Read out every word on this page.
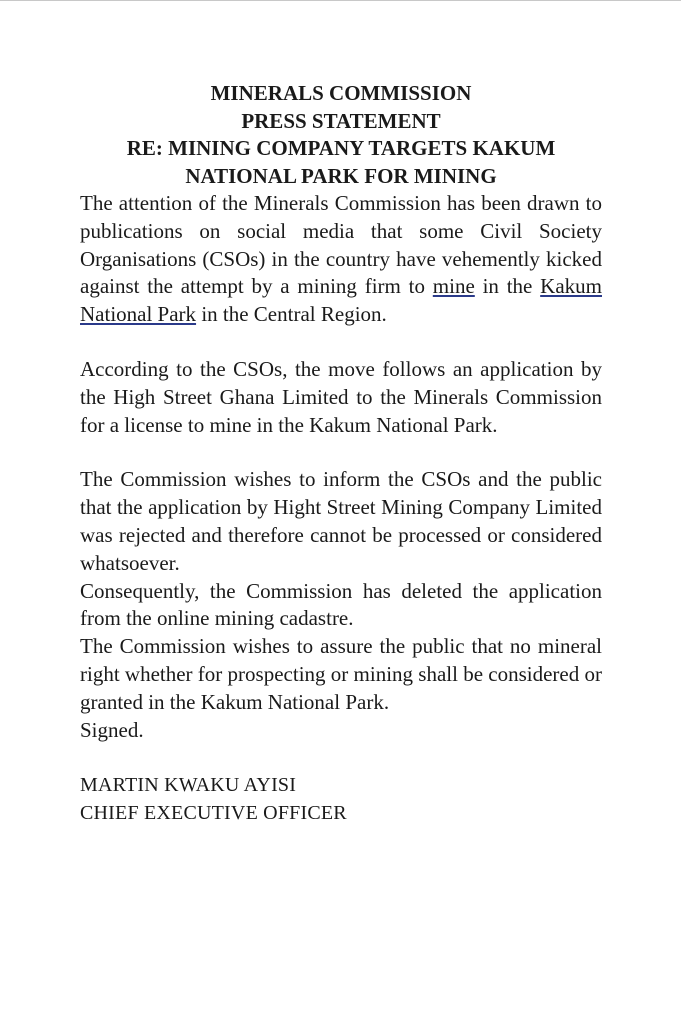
MINERALS COMMISSION

PRESS STATEMENT

RE: MINING COMPANY TARGETS KAKUM

NATIONAL PARK FOR MINING

The attention of the Minerals Commission has been drawn to publications on social media that some Civil Society Organisations (CSOs) in the country have vehemently kicked against the attempt by a mining firm to mine in the Kakum National Park in the Central Region.

According to the CSOs, the move follows an application by the High Street Ghana Limited to the Minerals Commission for a license to mine in the Kakum National Park.

The Commission wishes to inform the CSOs and the public that the application by Hight Street Mining Company Limited was rejected and therefore cannot be processed or considered whatsoever.

Consequently, the Commission has deleted the application from the online mining cadastre.

The Commission wishes to assure the public that no mineral right whether for prospecting or mining shall be considered or granted in the Kakum National Park.

Signed.

MARTIN KWAKU AYISI

CHIEF EXECUTIVE OFFICER
